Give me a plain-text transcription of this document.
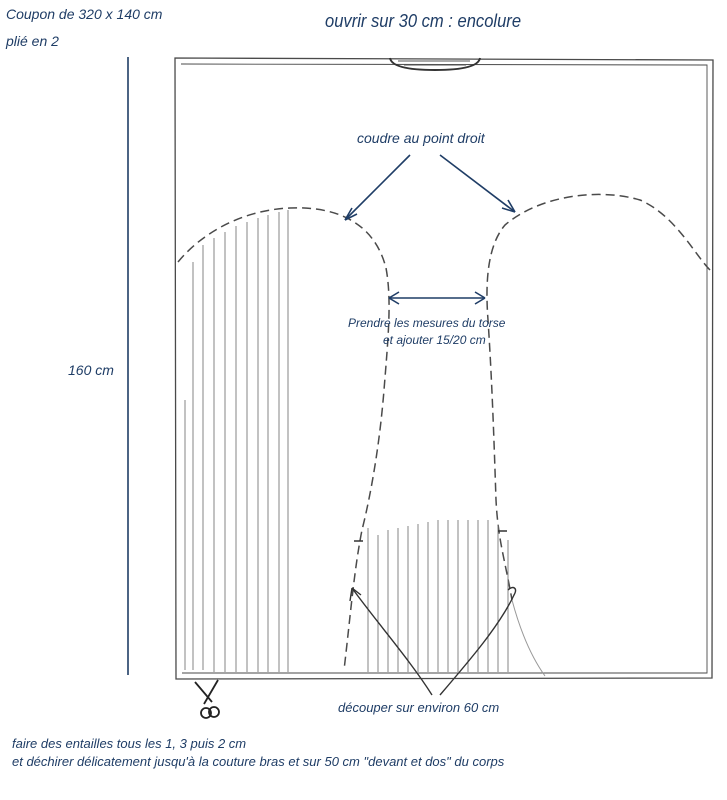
Coupon de 320 x 140 cm

plié en 2

ouvrir sur 30 cm : encolure

coudre au point droit

Prendre les mesures du torse

et ajouter 15/20 cm

160 cm

découper sur environ 60 cm

faire des entailles tous les 1, 3 puis 2 cm

et déchirer délicatement jusqu'à la couture bras et sur 50 cm "devant et dos" du corps
